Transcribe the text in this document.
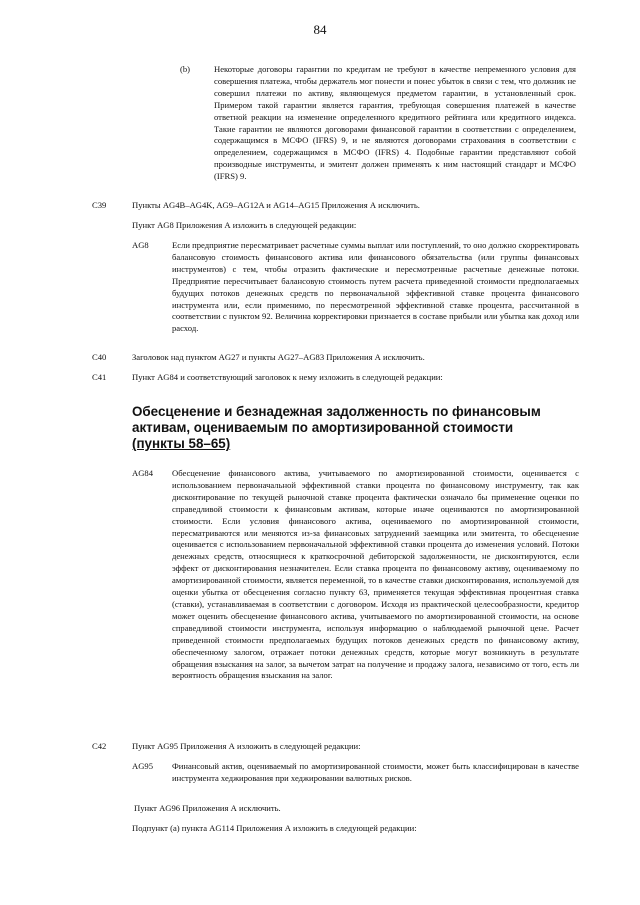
84
(b)	Некоторые договоры гарантии по кредитам не требуют в качестве непременного условия для совершения платежа, чтобы держатель мог понести и понес убыток в связи с тем, что должник не совершил платежи по активу, являющемуся предметом гарантии, в установленный срок. Примером такой гарантии является гарантия, требующая совершения платежей в качестве ответной реакции на изменение определенного кредитного рейтинга или кредитного индекса. Такие гарантии не являются договорами финансовой гарантии в соответствии с определением, содержащимся в МСФО (IFRS) 9, и не являются договорами страхования в соответствии с определением, содержащимся в МСФО (IFRS) 4. Подобные гарантии представляют собой производные инструменты, и эмитент должен применять к ним настоящий стандарт и МСФО (IFRS) 9.
C39	Пункты AG4B–AG4K, AG9–AG12A и AG14–AG15 Приложения А исключить.
Пункт AG8 Приложения А изложить в следующей редакции:
AG8	Если предприятие пересматривает расчетные суммы выплат или поступлений, то оно должно скорректировать балансовую стоимость финансового актива или финансового обязательства (или группы финансовых инструментов) с тем, чтобы отразить фактические и пересмотренные расчетные денежные потоки. Предприятие пересчитывает балансовую стоимость путем расчета приведенной стоимости предполагаемых будущих потоков денежных средств по первоначальной эффективной ставке процента финансового инструмента или, если применимо, по пересмотренной эффективной ставке процента, рассчитанной в соответствии с пунктом 92. Величина корректировки признается в составе прибыли или убытка как доход или расход.
C40	Заголовок над пунктом AG27 и пункты AG27–AG83 Приложения А исключить.
C41	Пункт AG84 и соответствующий заголовок к нему изложить в следующей редакции:
Обесценение и безнадежная задолженность по финансовым
активам, оцениваемым по амортизированной стоимости
(пункты 58–65)
AG84 Обесценение финансового актива, учитываемого по амортизированной стоимости, оценивается с использованием первоначальной эффективной ставки процента по финансовому инструменту, так как дисконтирование по текущей рыночной ставке процента фактически означало бы применение оценки по справедливой стоимости к финансовым активам, которые иначе оцениваются по амортизированной стоимости. Если условия финансового актива, оцениваемого по амортизированной стоимости, пересматриваются или меняются из-за финансовых затруднений заемщика или эмитента, то обесценение оценивается с использованием первоначальной эффективной ставки процента до изменения условий. Потоки денежных средств, относящиеся к краткосрочной дебиторской задолженности, не дисконтируются, если эффект от дисконтирования незначителен. Если ставка процента по финансовому активу, оцениваемому по амортизированной стоимости, является переменной, то в качестве ставки дисконтирования, используемой для оценки убытка от обесценения согласно пункту 63, применяется текущая эффективная процентная ставка (ставки), устанавливаемая в соответствии с договором. Исходя из практической целесообразности, кредитор может оценить обесценение финансового актива, учитываемого по амортизированной стоимости, на основе справедливой стоимости инструмента, используя информацию о наблюдаемой рыночной цене. Расчет приведенной стоимости предполагаемых будущих потоков денежных средств по финансовому активу, обеспеченному залогом, отражает потоки денежных средств, которые могут возникнуть в результате обращения взыскания на залог, за вычетом затрат на получение и продажу залога, независимо от того, есть ли вероятность обращения взыскания на залог.
C42	Пункт AG95 Приложения А изложить в следующей редакции:
AG95 Финансовый актив, оцениваемый по амортизированной стоимости, может быть классифицирован в качестве инструмента хеджирования при хеджировании валютных рисков.
Пункт AG96 Приложения А исключить.
Подпункт (а) пункта AG114 Приложения А изложить в следующей редакции:
